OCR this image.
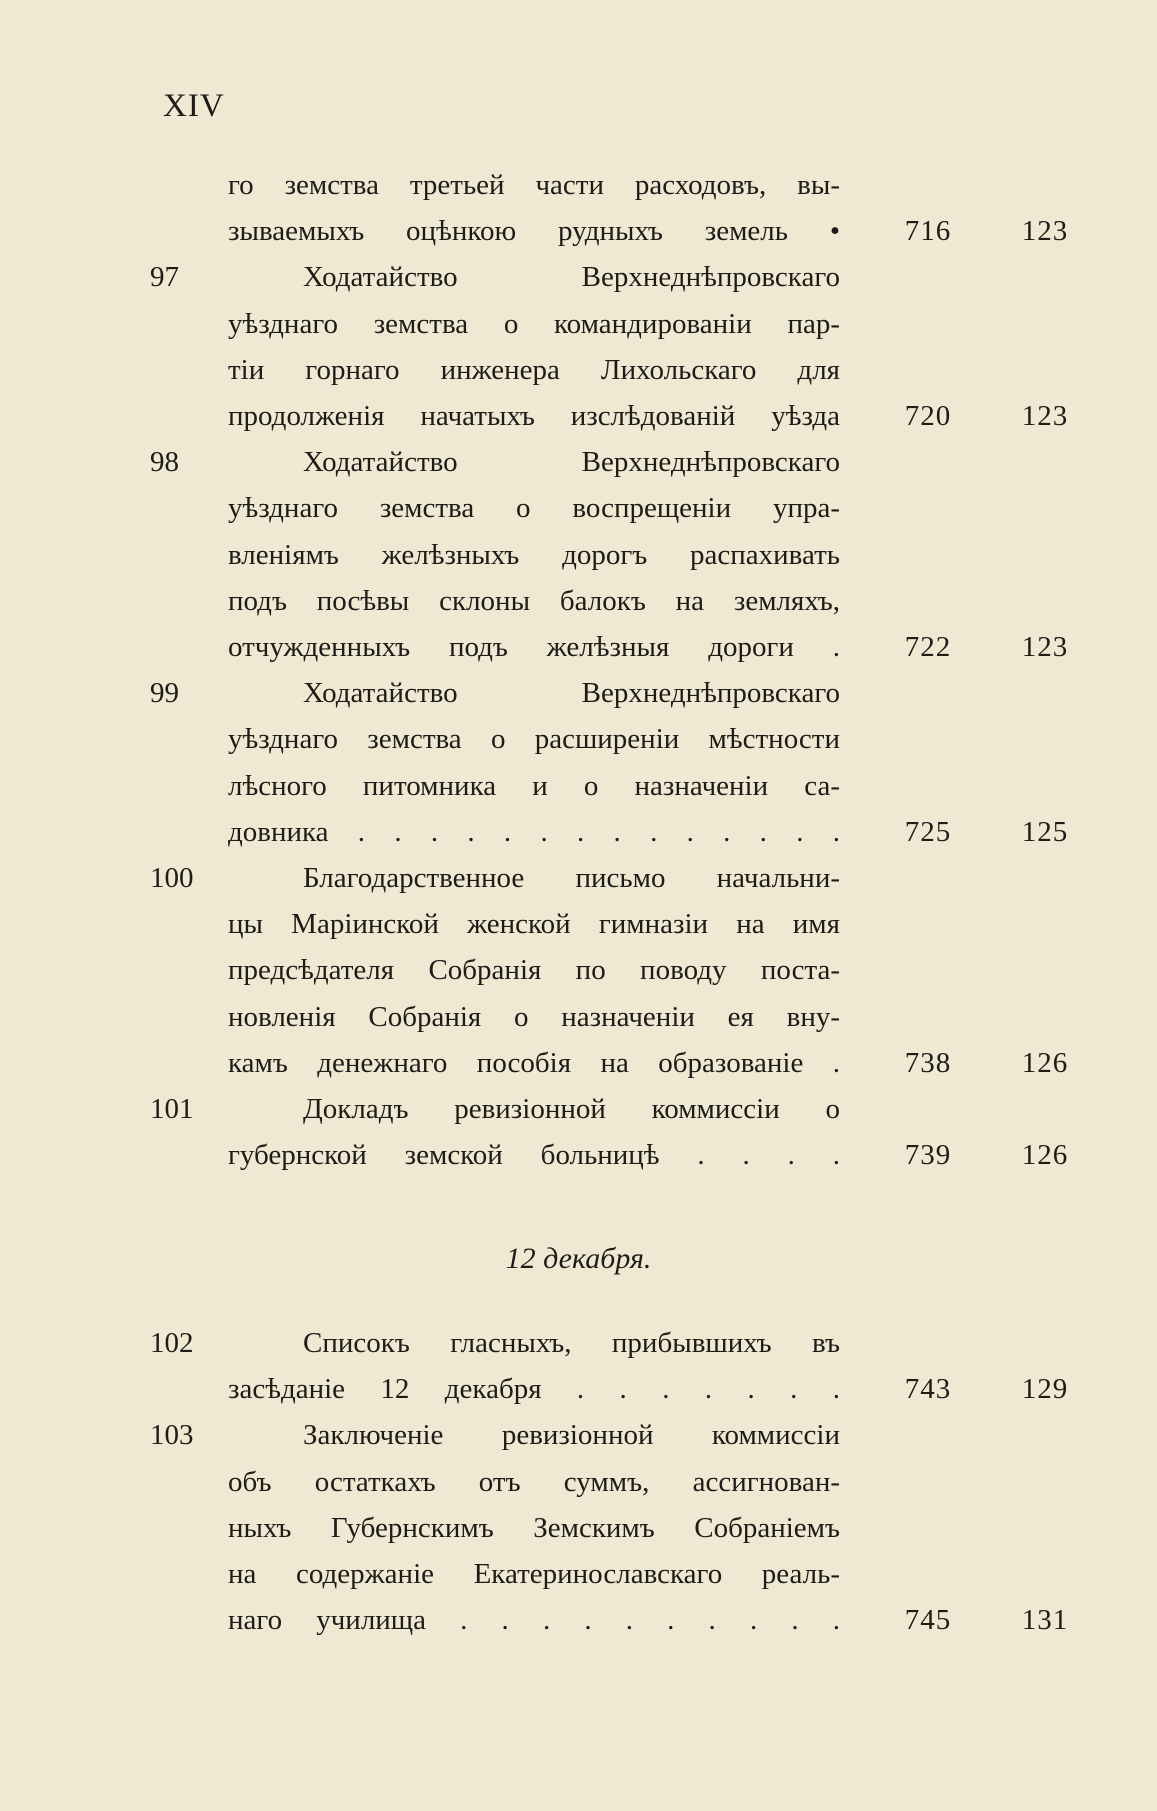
XIV
го земства третьей части расходовъ, вы-
зываемыхъ оцѣнкою рудныхъ земель •	716	123
97	Ходатайство Верхнеднѣпровскаго
уѣзднаго земства о командированіи пар-
тіи горнаго инженера Лихольскаго для
продолженія начатыхъ изслѣдованій уѣзда	720	123
98	Ходатайство Верхнеднѣпровскаго
уѣзднаго земства о воспрещеніи упра-
вленіямъ желѣзныхъ дорогъ распахивать
подъ посѣвы склоны балокъ на земляхъ,
отчужденныхъ подъ желѣзныя дороги .	722	123
99	Ходатайство Верхнеднѣпровскаго
уѣзднаго земства о расширеніи мѣстности
лѣсного питомника и о назначеніи са-
довника . . . . . . . . . . . . . .	725	125
100	Благодарственное письмо начальни-
цы Маріинской женской гимназіи на имя
предсѣдателя Собранія по поводу поста-
новленія Собранія о назначеніи ея вну-
камъ денежнаго пособія на образованіе .	738	126
101	Докладъ ревизіонной коммиссіи о
губернской земской больницѣ . . . .	739	126
102	Списокъ гласныхъ, прибывшихъ въ
засѣданіе 12 декабря . . . . . . .	743	129
103	Заключеніе ревизіонной коммиссіи
объ остаткахъ отъ суммъ, ассигнован-
ныхъ Губернскимъ Земскимъ Собраніемъ
на содержаніе Екатеринославскаго реаль-
наго училища . . . . . . . . . .	745	131
12 декабря.
